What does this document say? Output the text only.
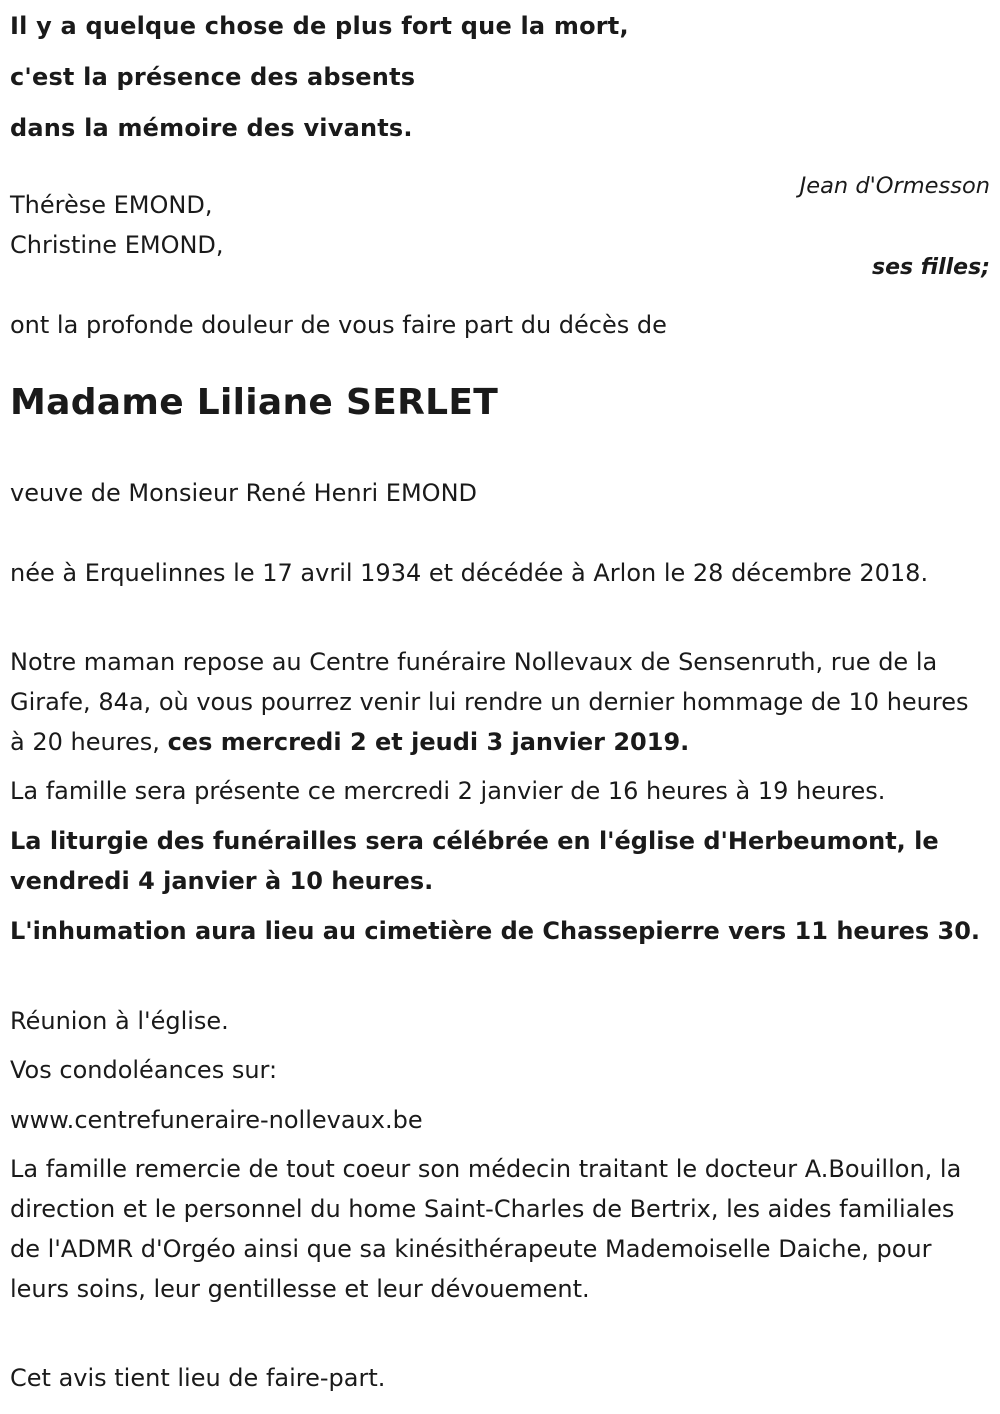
Il y a quelque chose de plus fort que la mort,
c'est la présence des absents
dans la mémoire des vivants.
Jean d'Ormesson
Thérèse EMOND,
Christine EMOND,
ses filles;
ont la profonde douleur de vous faire part du décès de
Madame Liliane SERLET
veuve de Monsieur René Henri EMOND
née à Erquelinnes le 17 avril 1934 et décédée à Arlon le 28 décembre 2018.
Notre maman repose au Centre funéraire Nollevaux de Sensenruth, rue de la Girafe, 84a, où vous pourrez venir lui rendre un dernier hommage de 10 heures à 20 heures, ces mercredi 2 et jeudi 3 janvier 2019.
La famille sera présente ce mercredi 2 janvier de 16 heures à 19 heures.
La liturgie des funérailles sera célébrée en l'église d'Herbeumont, le vendredi 4 janvier à 10 heures.
L'inhumation aura lieu au cimetière de Chassepierre vers 11 heures 30.
Réunion à l'église.
Vos condoléances sur:
www.centrefuneraire-nollevaux.be
La famille remercie de tout coeur son médecin traitant le docteur A.Bouillon, la direction et le personnel du home Saint-Charles de Bertrix, les aides familiales de l'ADMR d'Orgéo ainsi que sa kinésithérapeute Mademoiselle Daiche, pour leurs soins, leur gentillesse et leur dévouement.
Cet avis tient lieu de faire-part.
